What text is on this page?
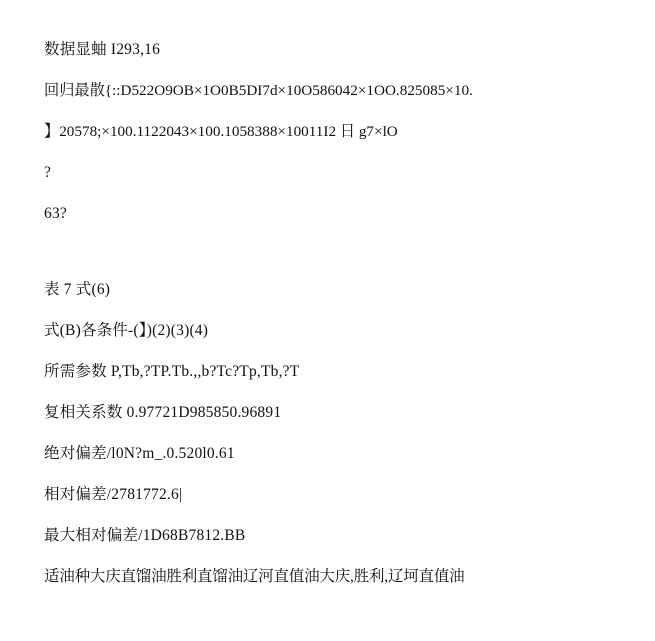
数据显蚰 I293,16

回归最散{::D522O9OB×1O0B5DI7d×10O586042×1OO.825085×10.

】20578;×100.1122043×100.1058388×10011I2 日 g7×lO

?

63?

表 7 式(6)

式(B)各条件-(】)(2)(3)(4)

所需参数 P,Tb,?TP.Tb.,,b?Tc?Tp,Tb,?T

复相关系数 0.97721D985850.96891

绝对偏差/l0N?m_.0.520l0.61

相对偏差/2781772.6|

最大相对偏差/1D68B7812.BB

适油种大庆直馏油胜利直馏油辽河直值油大庆,胜利,辽坷直值油
